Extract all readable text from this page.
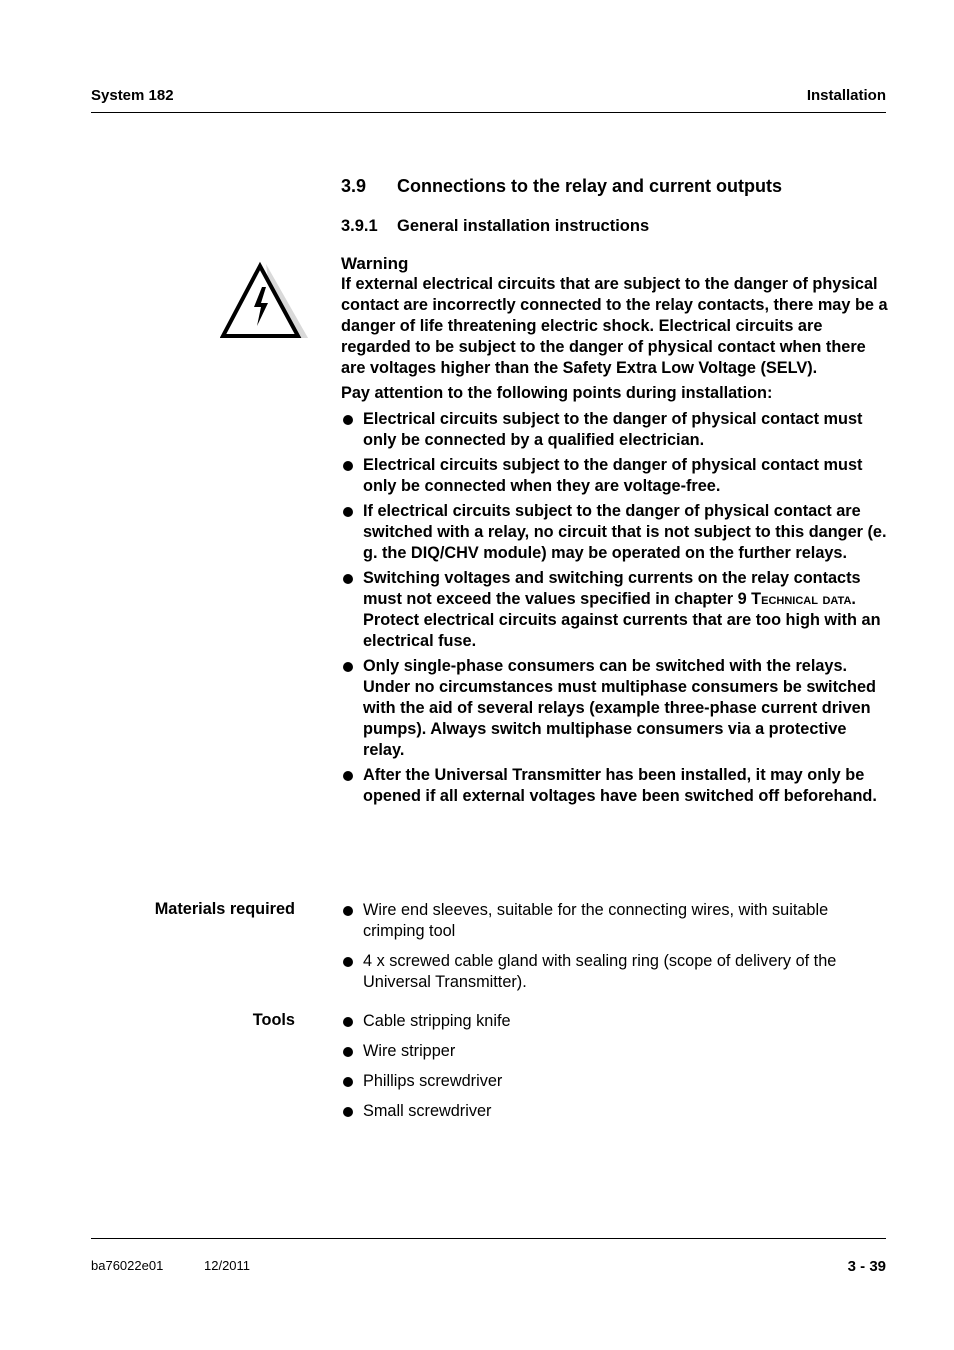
System 182	Installation
3.9 Connections to the relay and current outputs
3.9.1 General installation instructions

Warning

If external electrical circuits that are subject to the danger of physical contact are incorrectly connected to the relay contacts, there may be a danger of life threatening electric shock. Electrical circuits are regarded to be subject to the danger of physical contact when there are voltages higher than the Safety Extra Low Voltage (SELV).

Pay attention to the following points during installation:

Electrical circuits subject to the danger of physical contact must only be connected by a qualified electrician.
Electrical circuits subject to the danger of physical contact must only be connected when they are voltage-free.
If electrical circuits subject to the danger of physical contact are switched with a relay, no circuit that is not subject to this danger (e. g. the DIQ/CHV module) may be operated on the further relays.
Switching voltages and switching currents on the relay contacts must not exceed the values specified in chapter 9 Technical data. Protect electrical circuits against currents that are too high with an electrical fuse.
Only single-phase consumers can be switched with the relays. Under no circumstances must multiphase consumers be switched with the aid of several relays (example three-phase current driven pumps). Always switch multiphase consumers via a protective relay.
After the Universal Transmitter has been installed, it may only be opened if all external voltages have been switched off beforehand.
Materials required	Wire end sleeves, suitable for the connecting wires, with suitable crimping tool
4 x screwed cable gland with sealing ring (scope of delivery of the Universal Transmitter).
Tools	Cable stripping knife
Wire stripper
Phillips screwdriver
Small screwdriver
ba76022e01	12/2011	3 - 39
